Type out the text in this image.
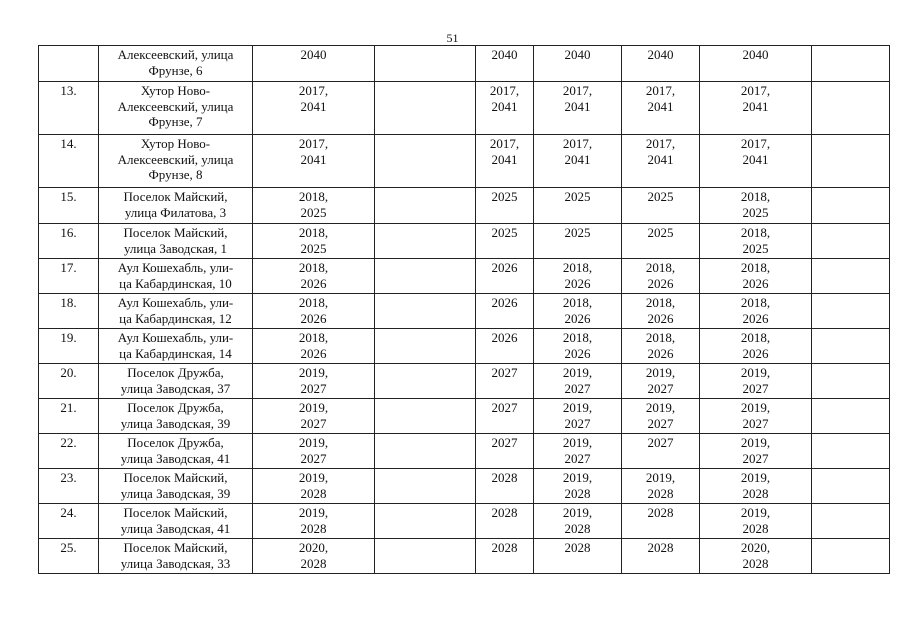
51

	Алексеевский, улица
Фрунзе, 6	2040		2040	2040	2040	2040	

13.	Хутор Ново-
Алексеевский, улица
Фрунзе, 7	2017,
2041		2017,
2041	2017,
2041	2017,
2041	2017,
2041	

14.	Хутор Ново-
Алексеевский, улица
Фрунзе, 8	2017,
2041		2017,
2041	2017,
2041	2017,
2041	2017,
2041	

15.	Поселок Майский,
улица Филатова, 3	2018,
2025		2025	2025	2025	2018,
2025	

16.	Поселок Майский,
улица Заводская, 1	2018,
2025		2025	2025	2025	2018,
2025	

17.	Аул Кошехабль, ули-
ца Кабардинская, 10	2018,
2026		2026	2018,
2026	2018,
2026	2018,
2026	

18.	Аул Кошехабль, ули-
ца Кабардинская, 12	2018,
2026		2026	2018,
2026	2018,
2026	2018,
2026	

19.	Аул Кошехабль, ули-
ца Кабардинская, 14	2018,
2026		2026	2018,
2026	2018,
2026	2018,
2026	

20.	Поселок Дружба,
улица Заводская, 37	2019,
2027		2027	2019,
2027	2019,
2027	2019,
2027	

21.	Поселок Дружба,
улица Заводская, 39	2019,
2027		2027	2019,
2027	2019,
2027	2019,
2027	

22.	Поселок Дружба,
улица Заводская, 41	2019,
2027		2027	2019,
2027	2027	2019,
2027	

23.	Поселок Майский,
улица Заводская, 39	2019,
2028		2028	2019,
2028	2019,
2028	2019,
2028	

24.	Поселок Майский,
улица Заводская, 41	2019,
2028		2028	2019,
2028	2028	2019,
2028	

25.	Поселок Майский,
улица Заводская, 33	2020,
2028		2028	2028	2028	2020,
2028	
